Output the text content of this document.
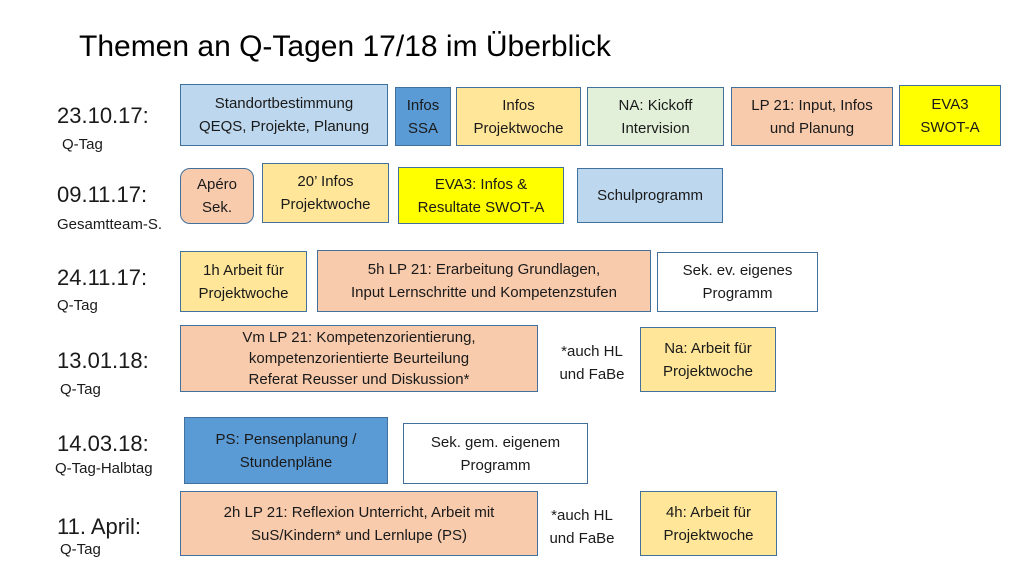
Themen an Q-Tagen 17/18 im Überblick
23.10.17:
Q-Tag
Standortbestimmung
QEQS, Projekte, Planung
Infos
SSA
Infos
Projektwoche
NA: Kickoff
Intervision
LP 21: Input, Infos
und Planung
EVA3
SWOT-A
09.11.17:
Gesamtteam-S.
Apéro
Sek.
20’ Infos
Projektwoche
EVA3: Infos &
Resultate SWOT-A
Schulprogramm
24.11.17:
Q-Tag
1h Arbeit für
Projektwoche
5h LP 21: Erarbeitung Grundlagen,
Input Lernschritte und Kompetenzstufen
Sek. ev. eigenes
Programm
13.01.18:
Q-Tag
Vm LP 21: Kompetenzorientierung,
kompetenzorientierte Beurteilung
Referat Reusser und Diskussion*
*auch HL
und FaBe
Na: Arbeit für
Projektwoche
14.03.18:
Q-Tag-Halbtag
PS: Pensenplanung /
Stundenpläne
Sek. gem. eigenem
Programm
11. April:
Q-Tag
2h LP 21: Reflexion Unterricht, Arbeit mit
SuS/Kindern* und Lernlupe (PS)
*auch HL
und FaBe
4h: Arbeit für
Projektwoche
